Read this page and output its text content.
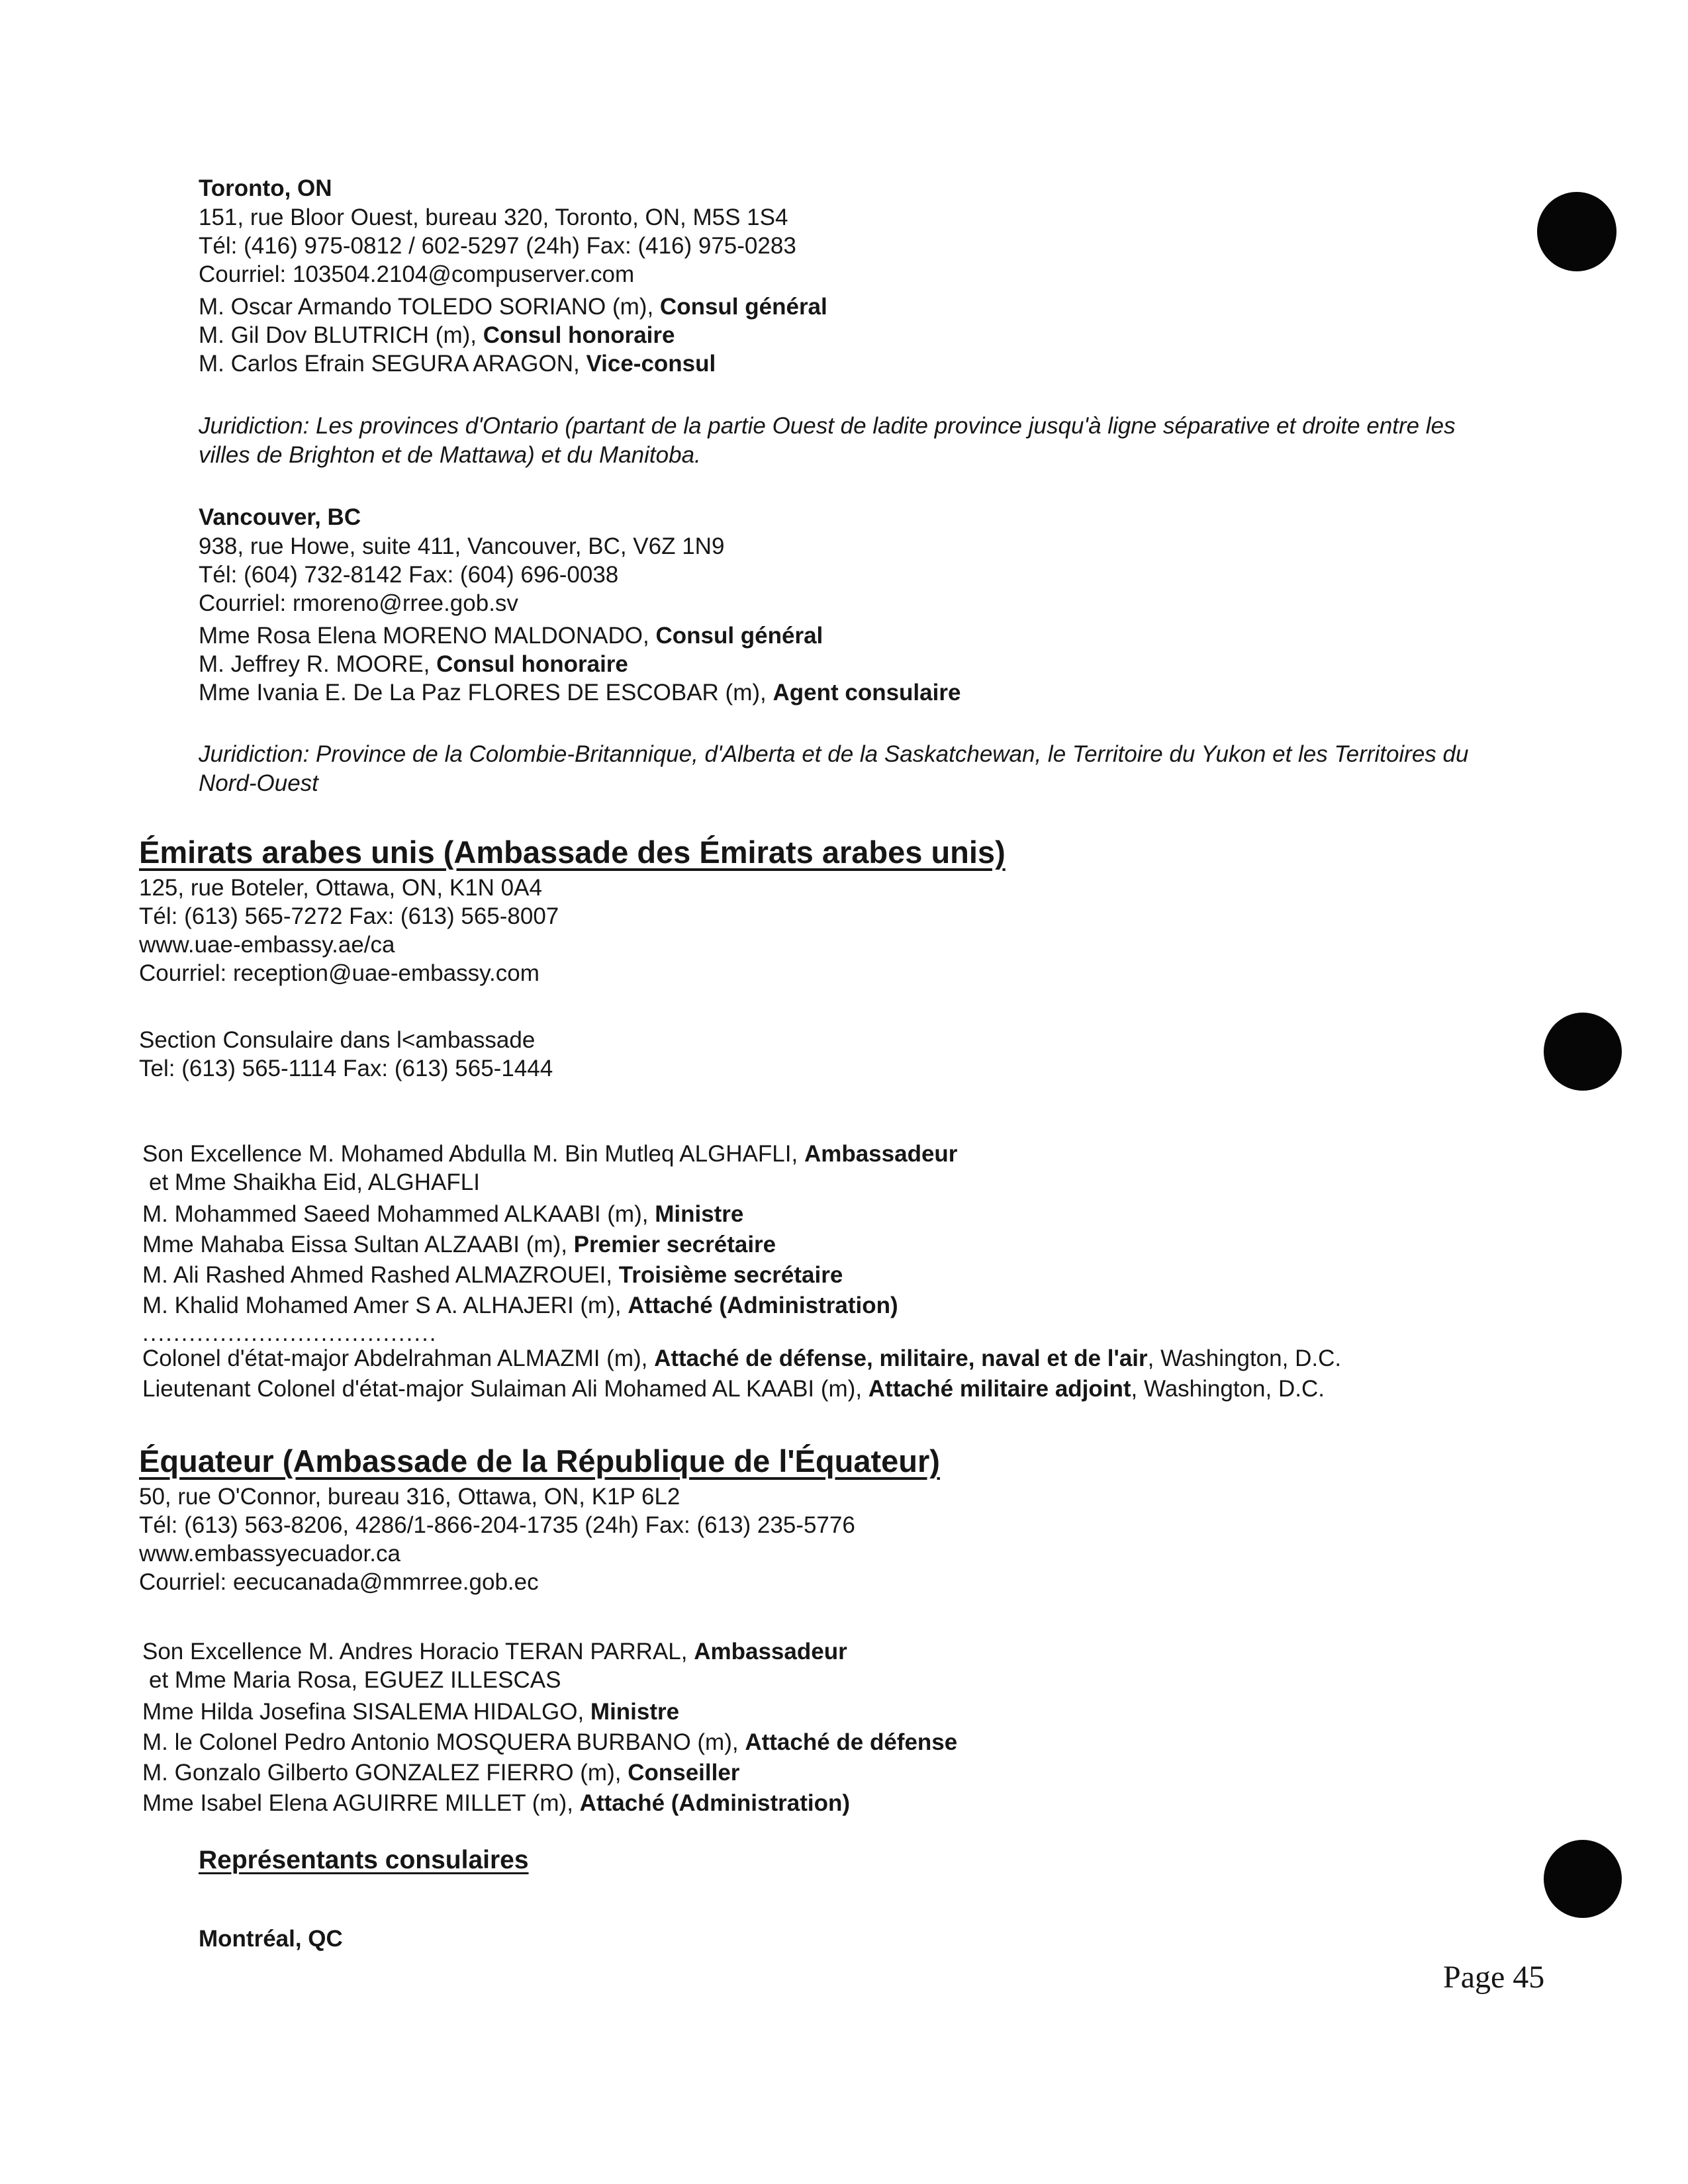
Toronto, ON
151, rue Bloor Ouest, bureau 320, Toronto, ON, M5S 1S4
Tél: (416) 975-0812 / 602-5297 (24h) Fax: (416) 975-0283
Courriel: 103504.2104@compuserver.com
M. Oscar Armando TOLEDO SORIANO (m), Consul général
M. Gil Dov BLUTRICH (m), Consul honoraire
M. Carlos Efrain SEGURA ARAGON, Vice-consul
Juridiction: Les provinces d'Ontario (partant de la partie Ouest de ladite province jusqu'à ligne séparative et droite entre les villes de Brighton et de Mattawa) et du Manitoba.
Vancouver, BC
938, rue Howe, suite 411, Vancouver, BC, V6Z 1N9
Tél: (604) 732-8142 Fax: (604) 696-0038
Courriel: rmoreno@rree.gob.sv
Mme Rosa Elena MORENO MALDONADO, Consul général
M. Jeffrey R. MOORE, Consul honoraire
Mme Ivania E. De La Paz FLORES DE ESCOBAR (m), Agent consulaire
Juridiction: Province de la Colombie-Britannique, d'Alberta et de la Saskatchewan, le Territoire du Yukon et les Territoires du Nord-Ouest
Émirats arabes unis (Ambassade des Émirats arabes unis)
125, rue Boteler, Ottawa, ON, K1N 0A4
Tél: (613) 565-7272 Fax: (613) 565-8007
www.uae-embassy.ae/ca
Courriel: reception@uae-embassy.com
Section Consulaire dans l<ambassade
Tel: (613) 565-1114 Fax: (613) 565-1444
Son Excellence M. Mohamed Abdulla M. Bin Mutleq ALGHAFLI, Ambassadeur
et Mme Shaikha Eid, ALGHAFLI
M. Mohammed Saeed Mohammed ALKAABI (m), Ministre
Mme Mahaba Eissa Sultan ALZAABI (m), Premier secrétaire
M. Ali Rashed Ahmed Rashed ALMAZROUEI, Troisième secrétaire
M. Khalid Mohamed Amer S A. ALHAJERI (m), Attaché (Administration)
......................................
Colonel d'état-major Abdelrahman ALMAZMI (m), Attaché de défense, militaire, naval et de l'air, Washington, D.C.
Lieutenant Colonel d'état-major Sulaiman Ali Mohamed AL KAABI (m), Attaché militaire adjoint, Washington, D.C.
Équateur (Ambassade de la République de l'Équateur)
50, rue O'Connor, bureau 316, Ottawa, ON, K1P 6L2
Tél: (613) 563-8206, 4286/1-866-204-1735 (24h) Fax: (613) 235-5776
www.embassyecuador.ca
Courriel: eecucanada@mmrree.gob.ec
Son Excellence M. Andres Horacio TERAN PARRAL, Ambassadeur
et Mme Maria Rosa, EGUEZ ILLESCAS
Mme Hilda Josefina SISALEMA HIDALGO, Ministre
M. le Colonel Pedro Antonio MOSQUERA BURBANO (m), Attaché de défense
M. Gonzalo Gilberto GONZALEZ FIERRO (m), Conseiller
Mme Isabel Elena AGUIRRE MILLET (m), Attaché (Administration)
Représentants consulaires
Montréal, QC
Page 45
